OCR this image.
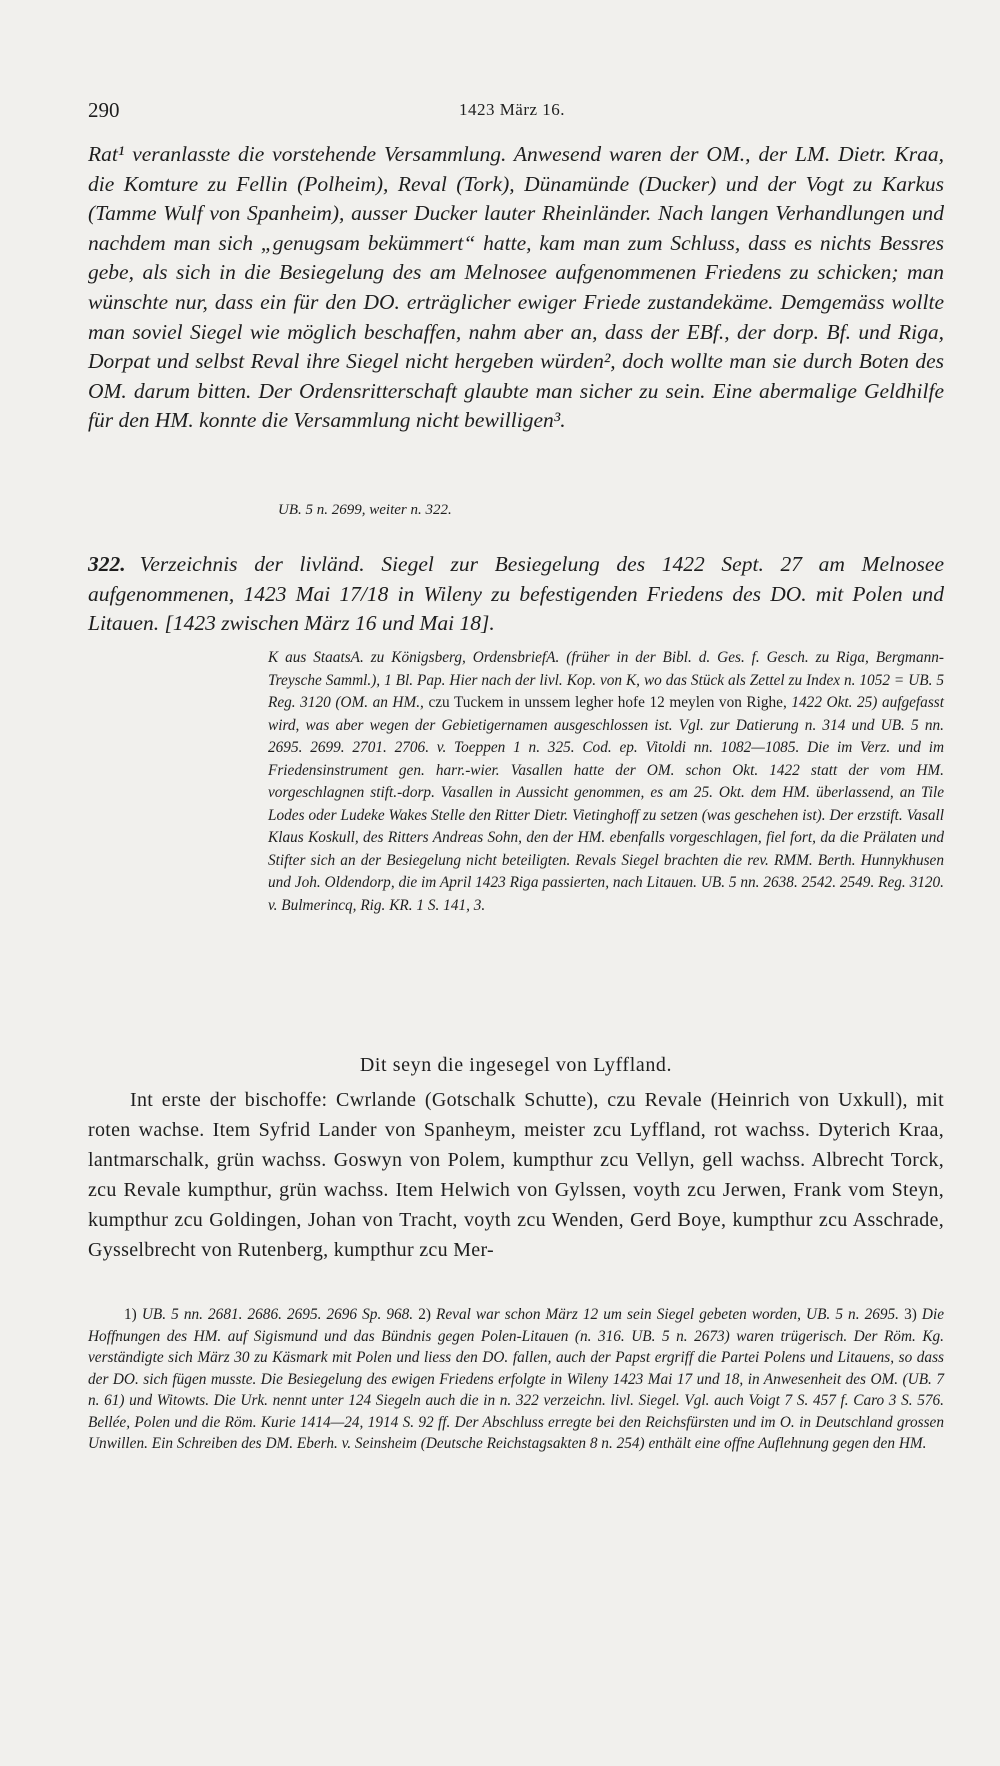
290	1423 März 16.

Rat¹ veranlasste die vorstehende Versammlung. Anwesend waren der OM., der LM. Dietr. Kraa, die Komture zu Fellin (Polheim), Reval (Tork), Dünamünde (Ducker) und der Vogt zu Karkus (Tamme Wulf von Spanheim), ausser Ducker lauter Rheinländer. Nach langen Verhandlungen und nachdem man sich „genugsam bekümmert“ hatte, kam man zum Schluss, dass es nichts Bessres gebe, als sich in die Besiegelung des am Melnosee aufgenommenen Friedens zu schicken; man wünschte nur, dass ein für den DO. erträglicher ewiger Friede zustandekäme. Demgemäss wollte man soviel Siegel wie möglich beschaffen, nahm aber an, dass der EBf., der dorp. Bf. und Riga, Dorpat und selbst Reval ihre Siegel nicht hergeben würden², doch wollte man sie durch Boten des OM. darum bitten. Der Ordensritterschaft glaubte man sicher zu sein. Eine abermalige Geldhilfe für den HM. konnte die Versammlung nicht bewilligen³.

UB. 5 n. 2699, weiter n. 322.
322. Verzeichnis der livländ. Siegel zur Besiegelung des 1422 Sept. 27 am Melnosee aufgenommenen, 1423 Mai 17/18 in Wileny zu befestigenden Friedens des DO. mit Polen und Litauen. [1423 zwischen März 16 und Mai 18].
K aus StaatsA. zu Königsberg, OrdensbriefA. (früher in der Bibl. d. Ges. f. Gesch. zu Riga, Bergmann-Treysche Samml.), 1 Bl. Pap. Hier nach der livl. Kop. von K, wo das Stück als Zettel zu Index n. 1052 = UB. 5 Reg. 3120 (OM. an HM., czu Tuckem in unssem legher hofe 12 meylen von Righe, 1422 Okt. 25) aufgefasst wird, was aber wegen der Gebietigernamen ausgeschlossen ist. Vgl. zur Datierung n. 314 und UB. 5 nn. 2695. 2699. 2701. 2706. v. Toeppen 1 n. 325. Cod. ep. Vitoldi nn. 1082—1085. Die im Verz. und im Friedensinstrument gen. harr.-wier. Vasallen hatte der OM. schon Okt. 1422 statt der vom HM. vorgeschlagnen stift.-dorp. Vasallen in Aussicht genommen, es am 25. Okt. dem HM. überlassend, an Tile Lodes oder Ludeke Wakes Stelle den Ritter Dietr. Vietinghoff zu setzen (was geschehen ist). Der erzstift. Vasall Klaus Koskull, des Ritters Andreas Sohn, den der HM. ebenfalls vorgeschlagen, fiel fort, da die Prälaten und Stifter sich an der Besiegelung nicht beteiligten. Revals Siegel brachten die rev. RMM. Berth. Hunnykhusen und Joh. Oldendorp, die im April 1423 Riga passierten, nach Litauen. UB. 5 nn. 2638. 2542. 2549. Reg. 3120. v. Bulmerincq, Rig. KR. 1 S. 141, 3.
Dit seyn die ingesegel von Lyffland.

Int erste der bischoffe: Cwrlande (Gotschalk Schutte), czu Revale (Heinrich von Uxkull), mit roten wachse. Item Syfrid Lander von Spanheym, meister zcu Lyffland, rot wachss. Dyterich Kraa, lantmarschalk, grün wachss. Goswyn von Polem, kumpthur zcu Vellyn, gell wachss. Albrecht Torck, zcu Revale kumpthur, grün wachss. Item Helwich von Gylssen, voyth zcu Jerwen, Frank vom Steyn, kumpthur zcu Goldingen, Johan von Tracht, voyth zcu Wenden, Gerd Boye, kumpthur zcu Asschrade, Gysselbrecht von Rutenberg, kumpthur zcu Mer-

1) UB. 5 nn. 2681. 2686. 2695. 2696 Sp. 968. 2) Reval war schon März 12 um sein Siegel gebeten worden, UB. 5 n. 2695. 3) Die Hoffnungen des HM. auf Sigismund und das Bündnis gegen Polen-Litauen (n. 316. UB. 5 n. 2673) waren trügerisch. Der Röm. Kg. verständigte sich März 30 zu Käsmark mit Polen und liess den DO. fallen, auch der Papst ergriff die Partei Polens und Litauens, so dass der DO. sich fügen musste. Die Besiegelung des ewigen Friedens erfolgte in Wileny 1423 Mai 17 und 18, in Anwesenheit des OM. (UB. 7 n. 61) und Witowts. Die Urk. nennt unter 124 Siegeln auch die in n. 322 verzeichn. livl. Siegel. Vgl. auch Voigt 7 S. 457 f. Caro 3 S. 576. Bellée, Polen und die Röm. Kurie 1414—24, 1914 S. 92 ff. Der Abschluss erregte bei den Reichsfürsten und im O. in Deutschland grossen Unwillen. Ein Schreiben des DM. Eberh. v. Seinsheim (Deutsche Reichstagsakten 8 n. 254) enthält eine offne Auflehnung gegen den HM.
